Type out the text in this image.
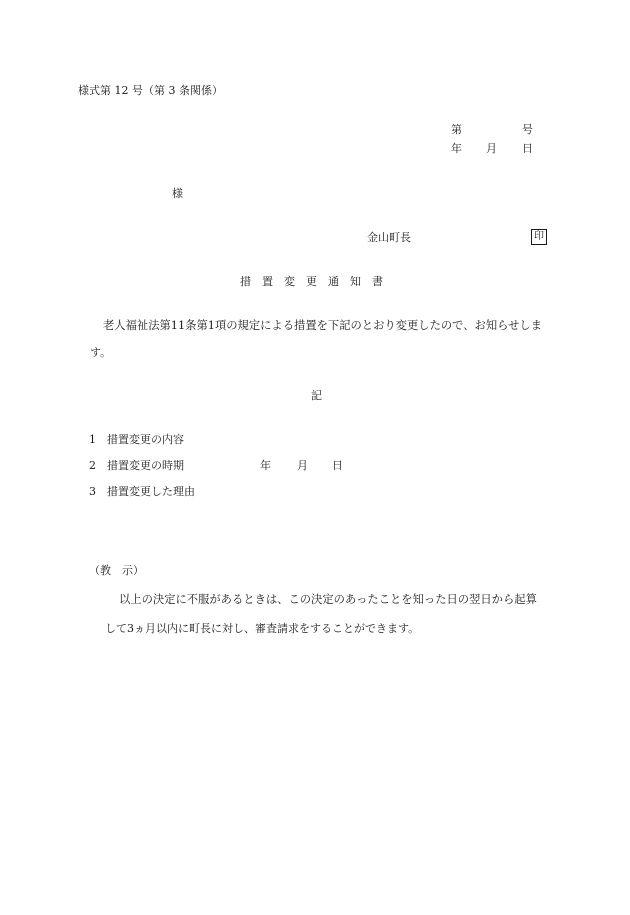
様式第 12 号（第 3 条関係）
第	号
年 月 日
様
金山町長	印
措 置 変 更 通 知 書
老人福祉法第11条第1項の規定による措置を下記のとおり変更したので、お知らせしま
す。
記
1 措置変更の内容
2 措置変更の時期	年 月 日
3 措置変更した理由
（教　示）
以上の決定に不服があるときは、この決定のあったことを知った日の翌日から起算
して3ヵ月以内に町長に対し、審査請求をすることができます。
